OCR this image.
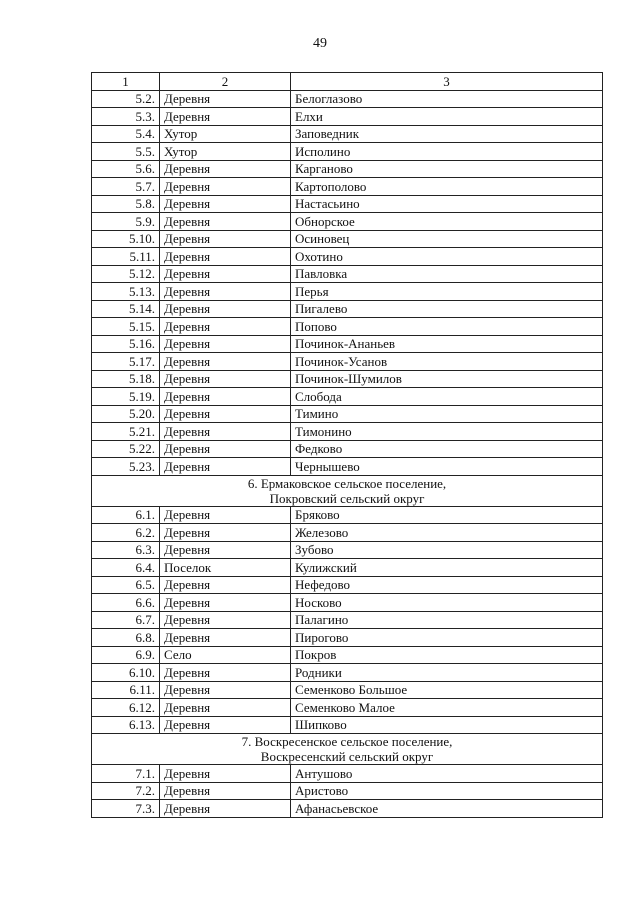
49
1	2	3
5.2.	Деревня	Белоглазово
5.3.	Деревня	Елхи
5.4.	Хутор	Заповедник
5.5.	Хутор	Исполино
5.6.	Деревня	Карганово
5.7.	Деревня	Картополово
5.8.	Деревня	Настасьино
5.9.	Деревня	Обнорское
5.10.	Деревня	Осиновец
5.11.	Деревня	Охотино
5.12.	Деревня	Павловка
5.13.	Деревня	Перья
5.14.	Деревня	Пигалево
5.15.	Деревня	Попово
5.16.	Деревня	Починок-Ананьев
5.17.	Деревня	Починок-Усанов
5.18.	Деревня	Починок-Шумилов
5.19.	Деревня	Слобода
5.20.	Деревня	Тимино
5.21.	Деревня	Тимонино
5.22.	Деревня	Федково
5.23.	Деревня	Чернышево

6. Ермаковское сельское поселение,
Покровский сельский округ		

6.1.	Деревня	Бряково
6.2.	Деревня	Железово
6.3.	Деревня	Зубово
6.4.	Поселок	Кулижский
6.5.	Деревня	Нефедово
6.6.	Деревня	Носково
6.7.	Деревня	Палагино
6.8.	Деревня	Пирогово
6.9.	Село	Покров
6.10.	Деревня	Родники
6.11.	Деревня	Семенково Большое
6.12.	Деревня	Семенково Малое
6.13.	Деревня	Шипково

7. Воскресенское сельское поселение,
Воскресенский сельский округ		

7.1.	Деревня	Антушово
7.2.	Деревня	Аристово
7.3.	Деревня	Афанасьевское
